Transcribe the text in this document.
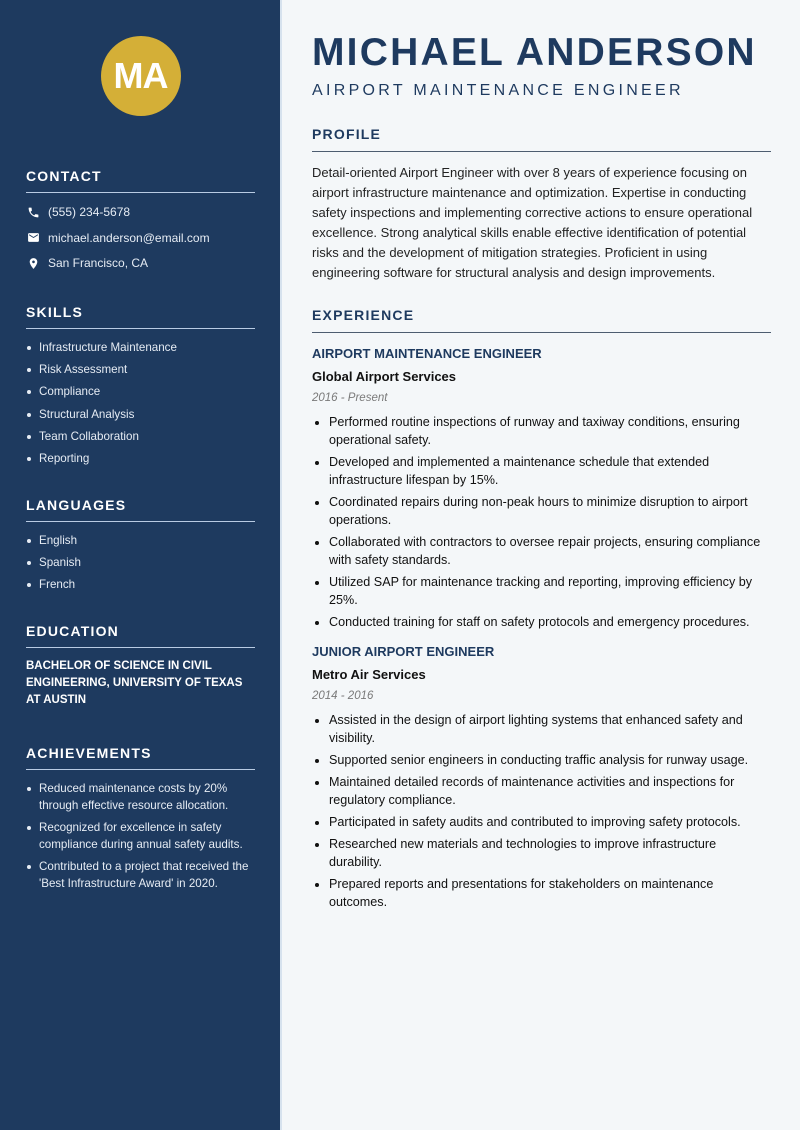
MA
CONTACT
(555) 234-5678
michael.anderson@email.com
San Francisco, CA
SKILLS
Infrastructure Maintenance
Risk Assessment
Compliance
Structural Analysis
Team Collaboration
Reporting
LANGUAGES
English
Spanish
French
EDUCATION

BACHELOR OF SCIENCE IN CIVIL ENGINEERING, UNIVERSITY OF TEXAS AT AUSTIN

ACHIEVEMENTS
Reduced maintenance costs by 20% through effective resource allocation.
Recognized for excellence in safety compliance during annual safety audits.
Contributed to a project that received the 'Best Infrastructure Award' in 2020.
MICHAEL ANDERSON
AIRPORT MAINTENANCE ENGINEER
PROFILE

Detail-oriented Airport Engineer with over 8 years of experience focusing on airport infrastructure maintenance and optimization. Expertise in conducting safety inspections and implementing corrective actions to ensure operational excellence. Strong analytical skills enable effective identification of potential risks and the development of mitigation strategies. Proficient in using engineering software for structural analysis and design improvements.

EXPERIENCE
AIRPORT MAINTENANCE ENGINEER
Global Airport Services
2016 - Present
Performed routine inspections of runway and taxiway conditions, ensuring operational safety.
Developed and implemented a maintenance schedule that extended infrastructure lifespan by 15%.
Coordinated repairs during non-peak hours to minimize disruption to airport operations.
Collaborated with contractors to oversee repair projects, ensuring compliance with safety standards.
Utilized SAP for maintenance tracking and reporting, improving efficiency by 25%.
Conducted training for staff on safety protocols and emergency procedures.
JUNIOR AIRPORT ENGINEER
Metro Air Services
2014 - 2016
Assisted in the design of airport lighting systems that enhanced safety and visibility.
Supported senior engineers in conducting traffic analysis for runway usage.
Maintained detailed records of maintenance activities and inspections for regulatory compliance.
Participated in safety audits and contributed to improving safety protocols.
Researched new materials and technologies to improve infrastructure durability.
Prepared reports and presentations for stakeholders on maintenance outcomes.
